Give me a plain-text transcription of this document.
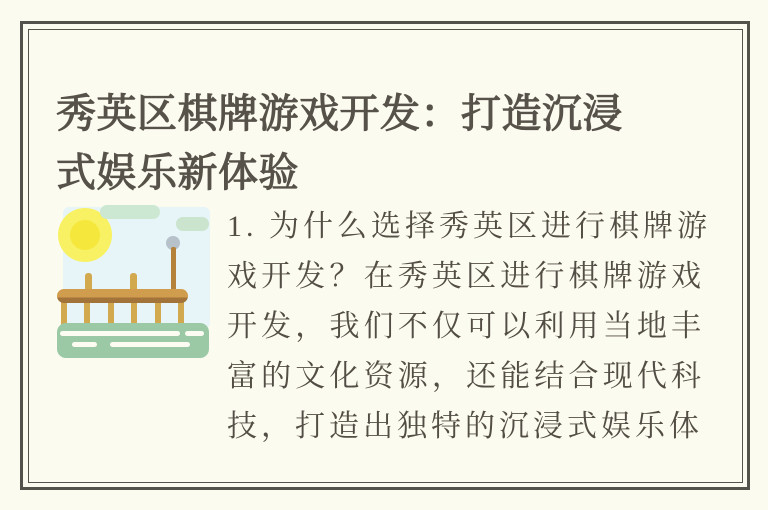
秀英区棋牌游戏开发：打造沉浸式娱乐新体验
1. 为什么选择秀英区进行棋牌游
戏开发？在秀英区进行棋牌游戏
开发，我们不仅可以利用当地丰
富的文化资源，还能结合现代科
技，打造出独特的沉浸式娱乐体
